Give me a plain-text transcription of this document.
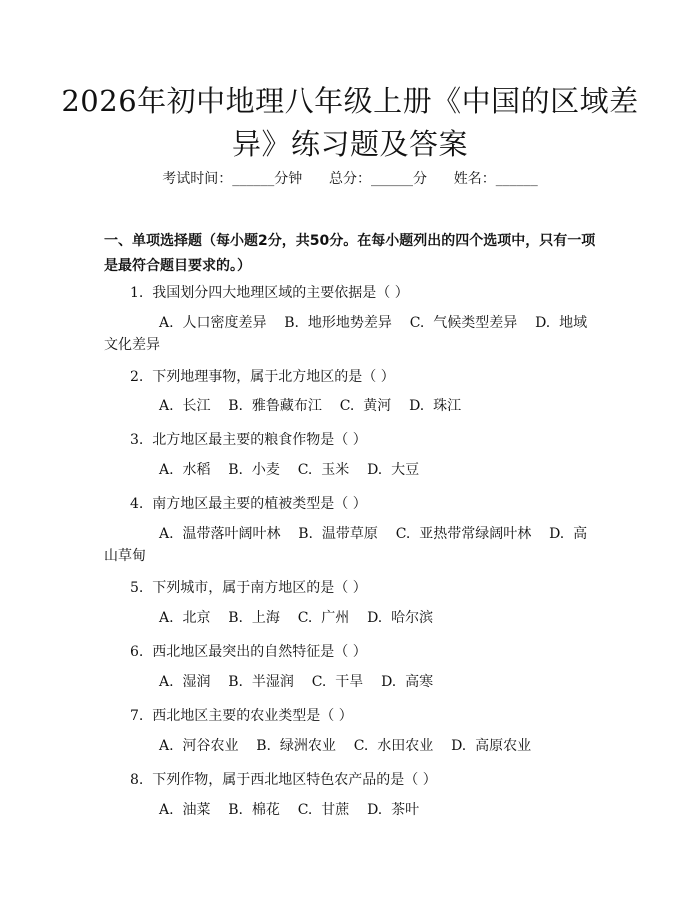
2026年初中地理八年级上册《中国的区域差异》练习题及答案
考试时间：______分钟      总分：______分      姓名：______
一、单项选择题（每小题2分，共50分。在每小题列出的四个选项中，只有一项是最符合题目要求的。）
1.  我国划分四大地理区域的主要依据是（ ）
A.  人口密度差异    B.  地形地势差异    C.  气候类型差异    D.  地域文化差异
2.  下列地理事物，属于北方地区的是（ ）
A.  长江    B.  雅鲁藏布江    C.  黄河    D.  珠江
3.  北方地区最主要的粮食作物是（ ）
A.  水稻    B.  小麦    C.  玉米    D.  大豆
4.  南方地区最主要的植被类型是（ ）
A.  温带落叶阔叶林    B.  温带草原    C.  亚热带常绿阔叶林    D.  高山草甸
5.  下列城市，属于南方地区的是（ ）
A.  北京    B.  上海    C.  广州    D.  哈尔滨
6.  西北地区最突出的自然特征是（ ）
A.  湿润    B.  半湿润    C.  干旱    D.  高寒
7.  西北地区主要的农业类型是（ ）
A.  河谷农业    B.  绿洲农业    C.  水田农业    D.  高原农业
8.  下列作物，属于西北地区特色农产品的是（ ）
A.  油菜    B.  棉花    C.  甘蔗    D.  茶叶
